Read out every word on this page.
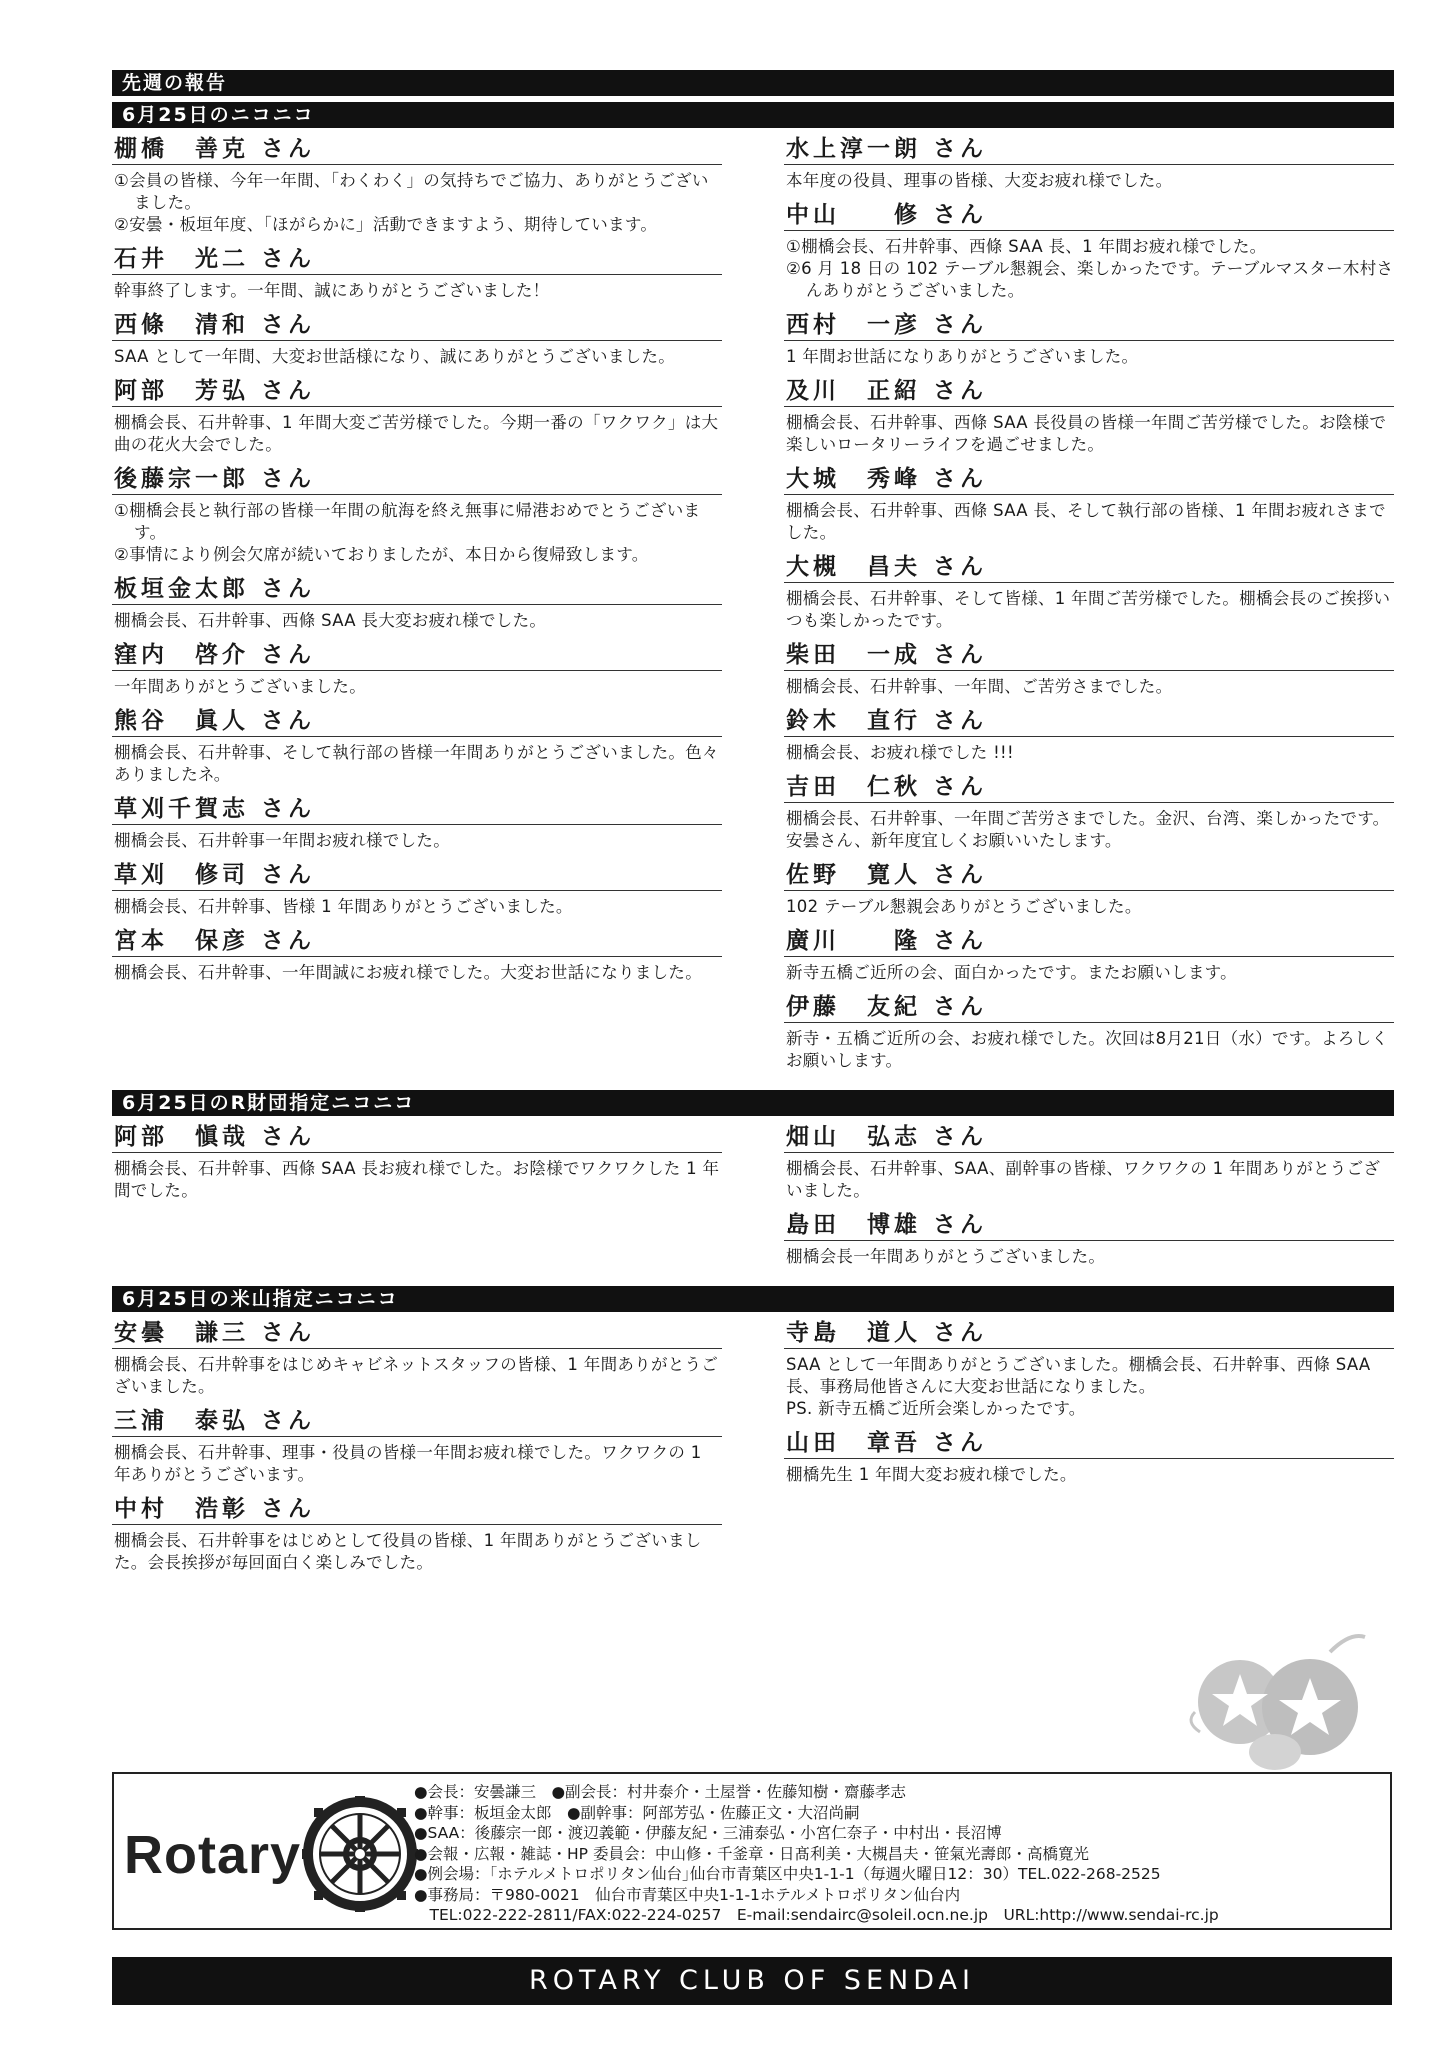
先週の報告
6月25日のニコニコ
棚橋　善克 さん
①会員の皆様、今年一年間、「わくわく」の気持ちでご協力、ありがとうございました。
②安曇・板垣年度、「ほがらかに」活動できますよう、期待しています。
石井　光二 さん
幹事終了します。一年間、誠にありがとうございました！
西條　清和 さん
SAA として一年間、大変お世話様になり、誠にありがとうございました。
阿部　芳弘 さん
棚橋会長、石井幹事、1 年間大変ご苦労様でした。今期一番の「ワクワク」は大曲の花火大会でした。
後藤宗一郎 さん
①棚橋会長と執行部の皆様一年間の航海を終え無事に帰港おめでとうございます。
②事情により例会欠席が続いておりましたが、本日から復帰致します。
板垣金太郎 さん
棚橋会長、石井幹事、西條 SAA 長大変お疲れ様でした。
窪内　啓介 さん
一年間ありがとうございました。
熊谷　眞人 さん
棚橋会長、石井幹事、そして執行部の皆様一年間ありがとうございました。色々ありましたネ。
草刈千賀志 さん
棚橋会長、石井幹事一年間お疲れ様でした。
草刈　修司 さん
棚橋会長、石井幹事、皆様 1 年間ありがとうございました。
宮本　保彦 さん
棚橋会長、石井幹事、一年間誠にお疲れ様でした。大変お世話になりました。
水上淳一朗 さん
本年度の役員、理事の皆様、大変お疲れ様でした。
中山　　修 さん
①棚橋会長、石井幹事、西條 SAA 長、1 年間お疲れ様でした。
②6 月 18 日の 102 テーブル懇親会、楽しかったです。テーブルマスター木村さんありがとうございました。
西村　一彦 さん
1 年間お世話になりありがとうございました。
及川　正紹 さん
棚橋会長、石井幹事、西條 SAA 長役員の皆様一年間ご苦労様でした。お陰様で楽しいロータリーライフを過ごせました。
大城　秀峰 さん
棚橋会長、石井幹事、西條 SAA 長、そして執行部の皆様、1 年間お疲れさまでした。
大槻　昌夫 さん
棚橋会長、石井幹事、そして皆様、1 年間ご苦労様でした。棚橋会長のご挨拶いつも楽しかったです。
柴田　一成 さん
棚橋会長、石井幹事、一年間、ご苦労さまでした。
鈴木　直行 さん
棚橋会長、お疲れ様でした !!!
吉田　仁秋 さん
棚橋会長、石井幹事、一年間ご苦労さまでした。金沢、台湾、楽しかったです。安曇さん、新年度宜しくお願いいたします。
佐野　寛人 さん
102 テーブル懇親会ありがとうございました。
廣川　　隆 さん
新寺五橋ご近所の会、面白かったです。またお願いします。
伊藤　友紀 さん
新寺・五橋ご近所の会、お疲れ様でした。次回は8月21日（水）です。よろしくお願いします。
6月25日のR財団指定ニコニコ
阿部　愼哉 さん
棚橋会長、石井幹事、西條 SAA 長お疲れ様でした。お陰様でワクワクした 1 年間でした。
畑山　弘志 さん
棚橋会長、石井幹事、SAA、副幹事の皆様、ワクワクの 1 年間ありがとうございました。
島田　博雄 さん
棚橋会長一年間ありがとうございました。
6月25日の米山指定ニコニコ
安曇　謙三 さん
棚橋会長、石井幹事をはじめキャビネットスタッフの皆様、1 年間ありがとうございました。
三浦　泰弘 さん
棚橋会長、石井幹事、理事・役員の皆様一年間お疲れ様でした。ワクワクの 1 年ありがとうございます。
中村　浩彰 さん
棚橋会長、石井幹事をはじめとして役員の皆様、1 年間ありがとうございました。会長挨拶が毎回面白く楽しみでした。
寺島　道人 さん
SAA として一年間ありがとうございました。棚橋会長、石井幹事、西條 SAA 長、事務局他皆さんに大変お世話になりました。
PS. 新寺五橋ご近所会楽しかったです。
山田　章吾 さん
棚橋先生 1 年間大変お疲れ様でした。
Rotary
●会長：安曇謙三　●副会長：村井泰介・土屋誉・佐藤知樹・齋藤孝志
●幹事：板垣金太郎　●副幹事：阿部芳弘・佐藤正文・大沼尚嗣
●SAA：後藤宗一郎・渡辺義範・伊藤友紀・三浦泰弘・小宮仁奈子・中村出・長沼博
●会報・広報・雑誌・HP 委員会：中山修・千釜章・日髙利美・大槻昌夫・笹氣光壽郎・高橋寛光
●例会場：｢ホテルメトロポリタン仙台｣仙台市青葉区中央1-1-1（毎週火曜日12：30）TEL.022-268-2525
●事務局：〒980-0021　仙台市青葉区中央1-1-1ホテルメトロポリタン仙台内
　TEL:022-222-2811/FAX:022-224-0257　E-mail:sendairc@soleil.ocn.ne.jp　URL:http://www.sendai-rc.jp
ROTARY CLUB OF SENDAI
